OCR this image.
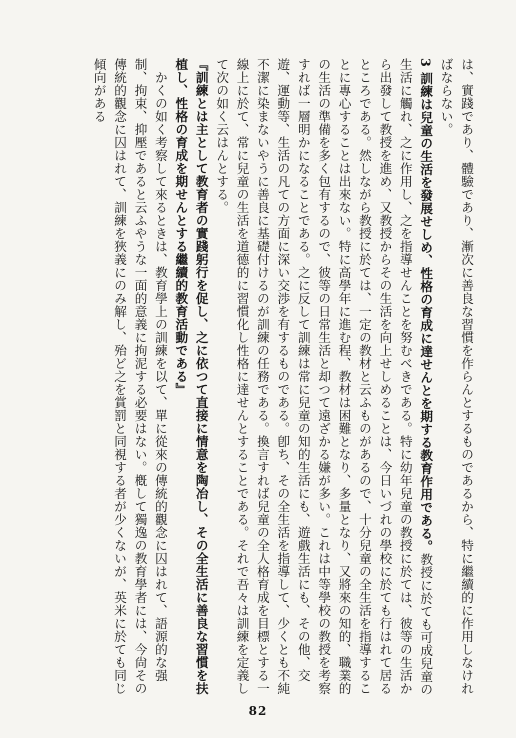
は、實踐であり、體驗であり、漸次に善良な習慣を作らんとするものであるから、特に繼續的に作用しなければならない。

3 訓練は兒童の生活を發展せしめ、性格の育成に達せんとを期する教育作用である。教授に於ても可成兒童の生活に觸れ、之に作用し、之を指導せんことを努むべきである。特に幼年兒童の教授に於ては、彼等の生活から出發して教授を進め、又教授からその生活を向上せしめることは、今日いづれの學校に於ても行はれて居るところである。然しながら教授に於ては、一定の教材と云ふものがあるので、十分兒童の全生活を指導することに專心することは出來ない。特に高學年に進む程、教材は困難となり、多量となり、又將來の知的、職業的の生活の準備を多く包有するので、彼等の日常生活と却つて遠ざかる嫌が多い。これは中等學校の教授を考察すれば一層明かになることである。之に反して訓練は常に兒童の知的生活にも、遊戲生活にも、その他、交遊、運動等、生活の凡ての方面に深い交渉を有するものである。卽ち、その全生活を指導して、少くとも不純不潔に染まないやうに善良に基礎付けるのが訓練の任務である。換言すれば兒童の全人格育成を目標とする一線上に於て、常に兒童の生活を道德的に習慣化し性格に達せんとすることである。それで吾々は訓練を定義して次の如く云はんとする。

『訓練とは主として教育者の實踐躬行を促し、之に依つて直接に情意を陶冶し、その全生活に善良な習慣を扶植し、性格の育成を期せんとする繼續的教育活動である』

かくの如く考察して來るときは、教育學上の訓練を以て、單に從來の傳統的觀念に囚はれて、語源的な强制、拘束、抑壓であると云ふやうな一面的意義に拘泥する必要はない。槪して獨逸の教育學者には、今尙その傳統的觀念に囚はれて、訓練を狹義にのみ解し、殆ど之を賞罰と同視する者が少くないが、英米に於ても同じ傾向がある

82
